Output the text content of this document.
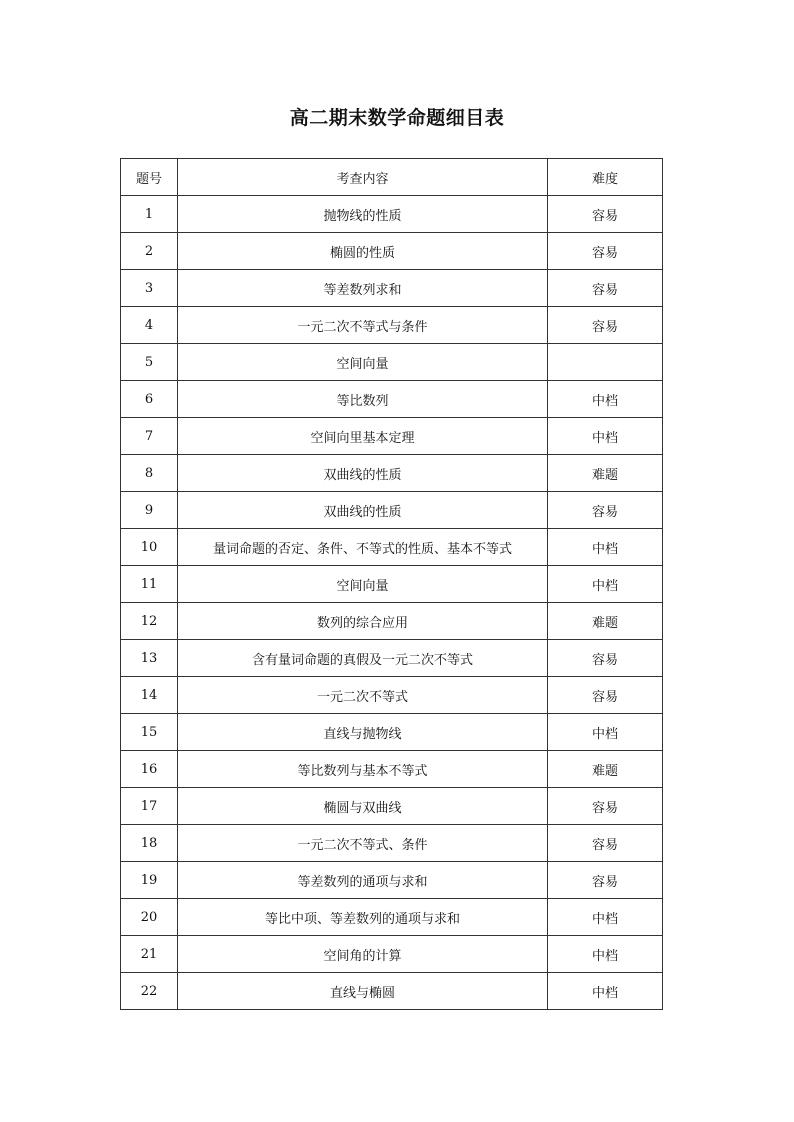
高二期末数学命题细目表
题号	考查内容	难度
1	抛物线的性质	容易
2	椭圆的性质	容易
3	等差数列求和	容易
4	一元二次不等式与条件	容易
5	空间向量	
6	等比数列	中档
7	空间向里基本定理	中档
8	双曲线的性质	难题
9	双曲线的性质	容易
10	量词命题的否定、条件、不等式的性质、基本不等式	中档
11	空间向量	中档
12	数列的综合应用	难题
13	含有量词命题的真假及一元二次不等式	容易
14	一元二次不等式	容易
15	直线与抛物线	中档
16	等比数列与基本不等式	难题
17	椭圆与双曲线	容易
18	一元二次不等式、条件	容易
19	等差数列的通项与求和	容易
20	等比中项、等差数列的通项与求和	中档
21	空间角的计算	中档
22	直线与椭圆	中档
